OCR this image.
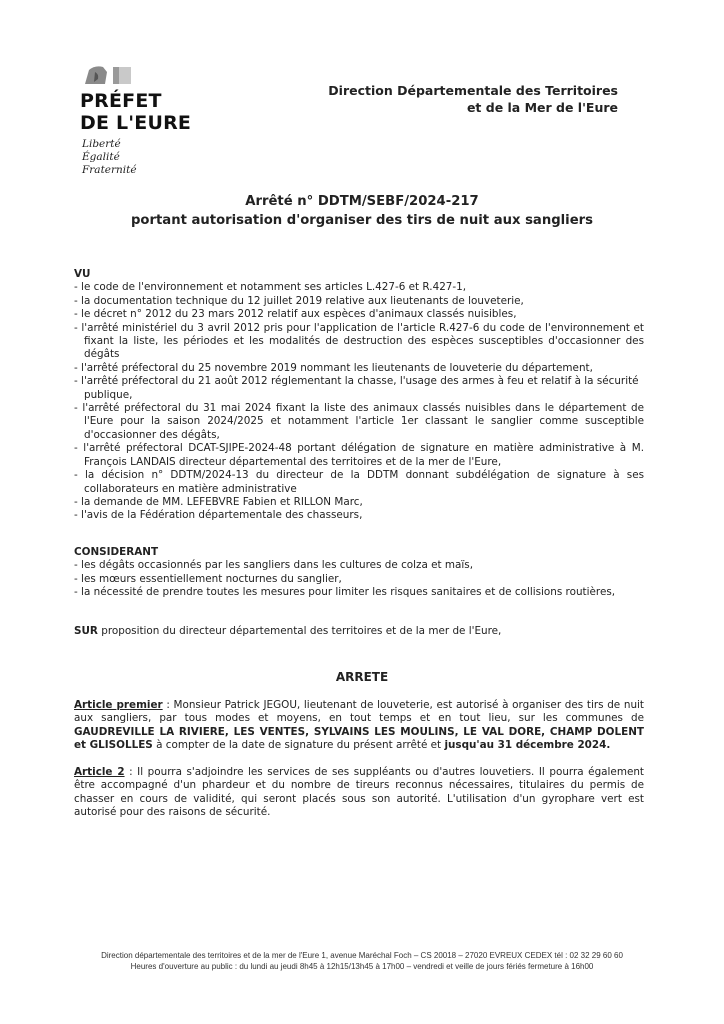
PRÉFET
DE L'EURE
Liberté
Égalité
Fraternité
Direction Départementale des Territoires
et de la Mer de l'Eure
Arrêté n° DDTM/SEBF/2024-217
portant autorisation d'organiser des tirs de nuit aux sangliers
VU
- le code de l'environnement et notamment ses articles L.427-6 et R.427-1,
- la documentation technique du 12 juillet 2019 relative aux lieutenants de louveterie,
- le décret n° 2012 du 23 mars 2012 relatif aux espèces d'animaux classés nuisibles,
- l'arrêté ministériel du 3 avril 2012 pris pour l'application de l'article R.427-6 du code de l'environnement et fixant la liste, les périodes et les modalités de destruction des espèces susceptibles d'occasionner des dégâts
- l'arrêté préfectoral du 25 novembre 2019 nommant les lieutenants de louveterie du département,
- l'arrêté préfectoral du 21 août 2012 réglementant la chasse, l'usage des armes à feu et relatif à la sécurité publique,
- l'arrêté préfectoral du 31 mai 2024 fixant la liste des animaux classés nuisibles dans le département de l'Eure pour la saison 2024/2025 et notamment l'article 1er classant le sanglier comme susceptible d'occasionner des dégâts,
- l'arrêté préfectoral DCAT-SJIPE-2024-48 portant délégation de signature en matière administrative à M. François LANDAIS directeur départemental des territoires et de la mer de l'Eure,
- la décision n° DDTM/2024-13 du directeur de la DDTM donnant subdélégation de signature à ses collaborateurs en matière administrative
- la demande de MM. LEFEBVRE Fabien et RILLON Marc,
- l'avis de la Fédération départementale des chasseurs,
CONSIDERANT
- les dégâts occasionnés par les sangliers dans les cultures de colza et maïs,
- les mœurs essentiellement nocturnes du sanglier,
- la nécessité de prendre toutes les mesures pour limiter les risques sanitaires et de collisions routières,
SUR proposition du directeur départemental des territoires et de la mer de l'Eure,
ARRETE
Article premier : Monsieur Patrick JEGOU, lieutenant de louveterie, est autorisé à organiser des tirs de nuit aux sangliers, par tous modes et moyens, en tout temps et en tout lieu, sur les communes de GAUDREVILLE LA RIVIERE, LES VENTES, SYLVAINS LES MOULINS, LE VAL DORE, CHAMP DOLENT et GLISOLLES à compter de la date de signature du présent arrêté et jusqu'au 31 décembre 2024.
Article 2 : Il pourra s'adjoindre les services de ses suppléants ou d'autres louvetiers. Il pourra également être accompagné d'un phardeur et du nombre de tireurs reconnus nécessaires, titulaires du permis de chasser en cours de validité, qui seront placés sous son autorité. L'utilisation d'un gyrophare vert est autorisé pour des raisons de sécurité.
Direction départementale des territoires et de la mer de l'Eure 1, avenue Maréchal Foch – CS 20018 – 27020 EVREUX CEDEX tél : 02 32 29 60 60
Heures d'ouverture au public : du lundi au jeudi 8h45 à 12h15/13h45 à 17h00 – vendredi et veille de jours fériés fermeture à 16h00
